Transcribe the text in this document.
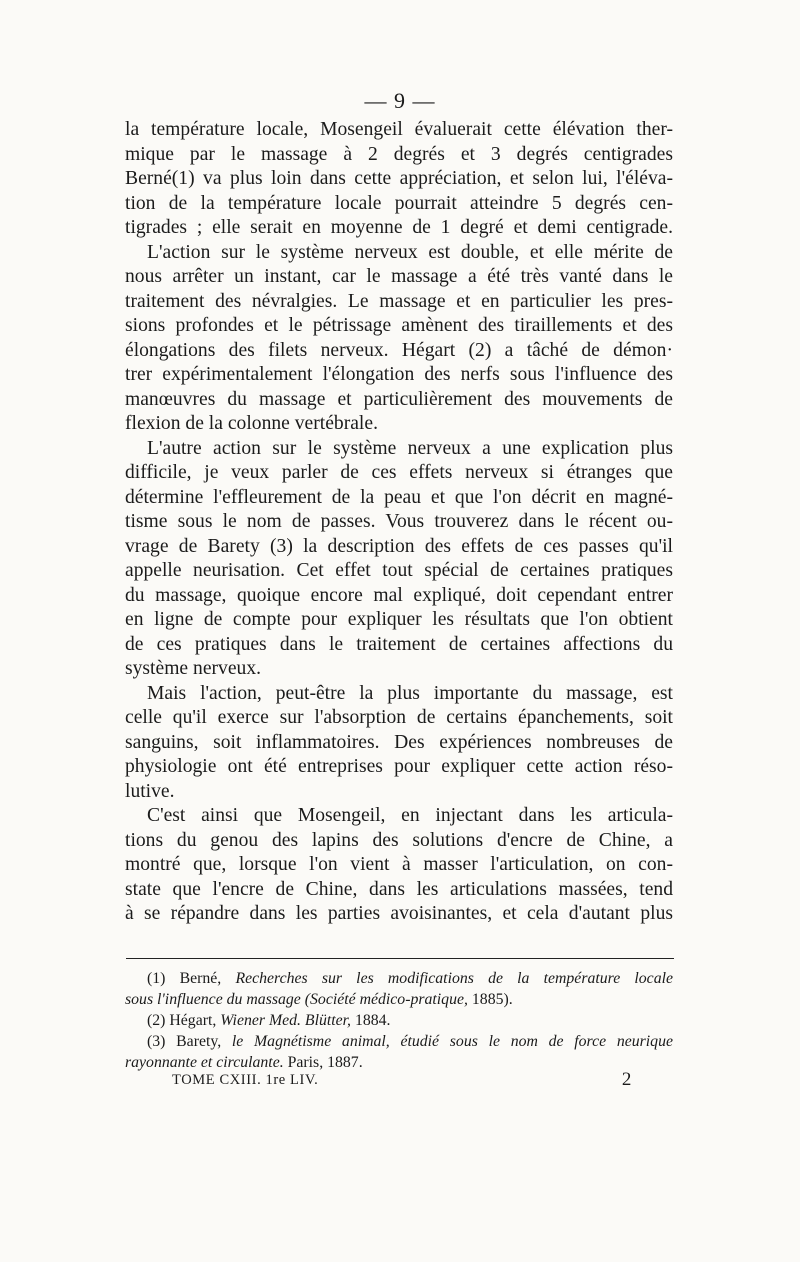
— 9 —
la température locale, Mosengeil évaluerait cette élévation ther-
mique par le massage à 2 degrés et 3 degrés centigrades
Berné(1) va plus loin dans cette appréciation, et selon lui, l'éléva-
tion de la température locale pourrait atteindre 5 degrés cen-
tigrades ; elle serait en moyenne de 1 degré et demi centigrade.
L'action sur le système nerveux est double, et elle mérite de
nous arrêter un instant, car le massage a été très vanté dans le
traitement des névralgies. Le massage et en particulier les pres-
sions profondes et le pétrissage amènent des tiraillements et des
élongations des filets nerveux. Hégart (2) a tâché de démon·
trer expérimentalement l'élongation des nerfs sous l'influence des
manœuvres du massage et particulièrement des mouvements de
flexion de la colonne vertébrale.
L'autre action sur le système nerveux a une explication plus
difficile, je veux parler de ces effets nerveux si étranges que
détermine l'effleurement de la peau et que l'on décrit en magné-
tisme sous le nom de passes. Vous trouverez dans le récent ou-
vrage de Barety (3) la description des effets de ces passes qu'il
appelle neurisation. Cet effet tout spécial de certaines pratiques
du massage, quoique encore mal expliqué, doit cependant entrer
en ligne de compte pour expliquer les résultats que l'on obtient
de ces pratiques dans le traitement de certaines affections du
système nerveux.
Mais l'action, peut-être la plus importante du massage, est
celle qu'il exerce sur l'absorption de certains épanchements, soit
sanguins, soit inflammatoires. Des expériences nombreuses de
physiologie ont été entreprises pour expliquer cette action réso-
lutive.
C'est ainsi que Mosengeil, en injectant dans les articula-
tions du genou des lapins des solutions d'encre de Chine, a
montré que, lorsque l'on vient à masser l'articulation, on con-
state que l'encre de Chine, dans les articulations massées, tend
à se répandre dans les parties avoisinantes, et cela d'autant plus
(1) Berné, Recherches sur les modifications de la température locale
sous l'influence du massage (Société médico-pratique, 1885).
(2) Hégart, Wiener Med. Blütter, 1884.
(3) Barety, le Magnétisme animal, étudié sous le nom de force neurique
rayonnante et circulante. Paris, 1887.
TOME CXIII. 1re LIV.	2
